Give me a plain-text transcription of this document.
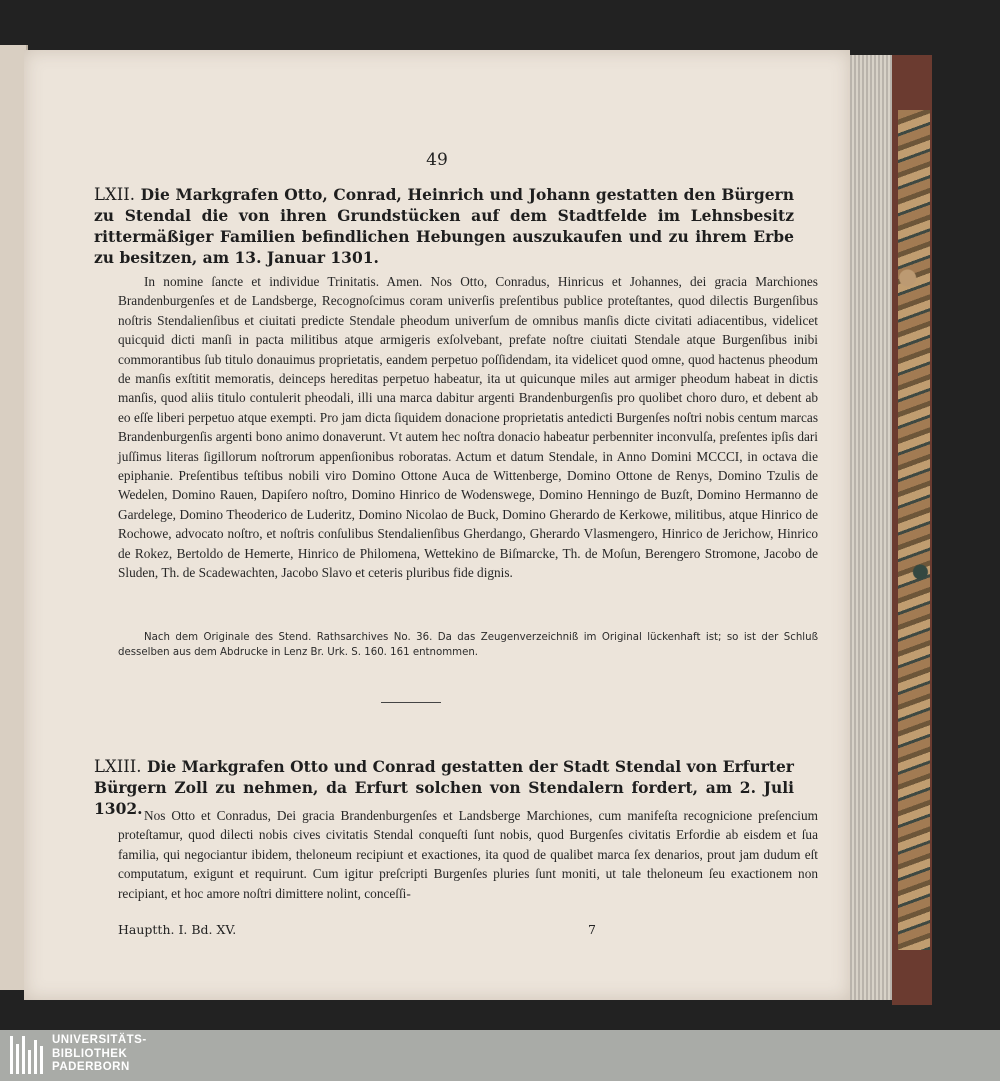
49
LXII. Die Markgrafen Otto, Conrad, Heinrich und Johann gestatten den Bürgern zu Stendal die von ihren Grundstücken auf dem Stadtfelde im Lehnsbesitz rittermäßiger Familien befindlichen Hebungen auszukaufen und zu ihrem Erbe zu besitzen, am 13. Januar 1301.
In nomine ſancte et individue Trinitatis. Amen. Nos Otto, Conradus, Hinricus et Johannes, dei gracia Marchiones Brandenburgenſes et de Landsberge, Recognoſcimus coram univerſis preſentibus publice proteſtantes, quod dilectis Burgenſibus noſtris Stendalienſibus et ciuitati predicte Stendale pheodum univerſum de omnibus manſis dicte civitati adiacentibus, videlicet quicquid dicti manſi in pacta militibus atque armigeris exſolvebant, prefate noſtre ciuitati Stendale atque Burgenſibus inibi commorantibus ſub titulo donauimus proprietatis, eandem perpetuo poſſidendam, ita videlicet quod omne, quod hactenus pheodum de manſis exſtitit memoratis, deinceps hereditas perpetuo habeatur, ita ut quicunque miles aut armiger pheodum habeat in dictis manſis, quod aliis titulo contulerit pheodali, illi una marca dabitur argenti Brandenburgenſis pro quolibet choro duro, et debent ab eo eſſe liberi perpetuo atque exempti. Pro jam dicta ſiquidem donacione proprietatis antedicti Burgenſes noſtri nobis centum marcas Brandenburgenſis argenti bono animo donaverunt. Vt autem hec noſtra donacio habeatur perbenniter inconvulſa, preſentes ipſis dari juſſimus literas ſigillorum noſtrorum appenſionibus roboratas. Actum et datum Stendale, in Anno Domini MCCCI, in octava die epiphanie. Preſentibus teſtibus nobili viro Domino Ottone Auca de Wittenberge, Domino Ottone de Renys, Domino Tzulis de Wedelen, Domino Rauen, Dapiſero noſtro, Domino Hinrico de Wodenswege, Domino Henningo de Buzſt, Domino Hermanno de Gardelege, Domino Theoderico de Luderitz, Domino Nicolao de Buck, Domino Gherardo de Kerkowe, militibus, atque Hinrico de Rochowe, advocato noſtro, et noſtris conſulibus Stendalienſibus Gherdango, Gherardo Vlasmengero, Hinrico de Jerichow, Hinrico de Rokez, Bertoldo de Hemerte, Hinrico de Philomena, Wettekino de Biſmarcke, Th. de Moſun, Berengero Stromone, Jacobo de Sluden, Th. de Scadewachten, Jacobo Slavo et ceteris pluribus fide dignis.
Nach dem Originale des Stend. Rathsarchives No. 36. Da das Zeugenverzeichniß im Original lückenhaft ist; so ist der Schluß desselben aus dem Abdrucke in Lenz Br. Urk. S. 160. 161 entnommen.
LXIII. Die Markgrafen Otto und Conrad gestatten der Stadt Stendal von Erfurter Bürgern Zoll zu nehmen, da Erfurt solchen von Stendalern fordert, am 2. Juli 1302. Nos Otto et Conradus, Dei gracia Brandenburgenſes et Landsberge Marchiones, cum manifeſta recognicione preſencium proteſtamur, quod dilecti nobis cives civitatis Stendal conqueſti ſunt nobis, quod Burgenſes civitatis Erfordie ab eisdem et ſua familia, qui negociantur ibidem, theloneum recipiunt et exactiones, ita quod de qualibet marca ſex denarios, prout jam dudum eſt computatum, exigunt et requirunt. Cum igitur preſcripti Burgenſes pluries ſunt moniti, ut tale theloneum ſeu exactionem non recipiant, et hoc amore noſtri dimittere nolint, conceſſi-
Hauptth. I. Bd. XV.	7
UNIVERSITÄTS-
BIBLIOTHEK
PADERBORN
